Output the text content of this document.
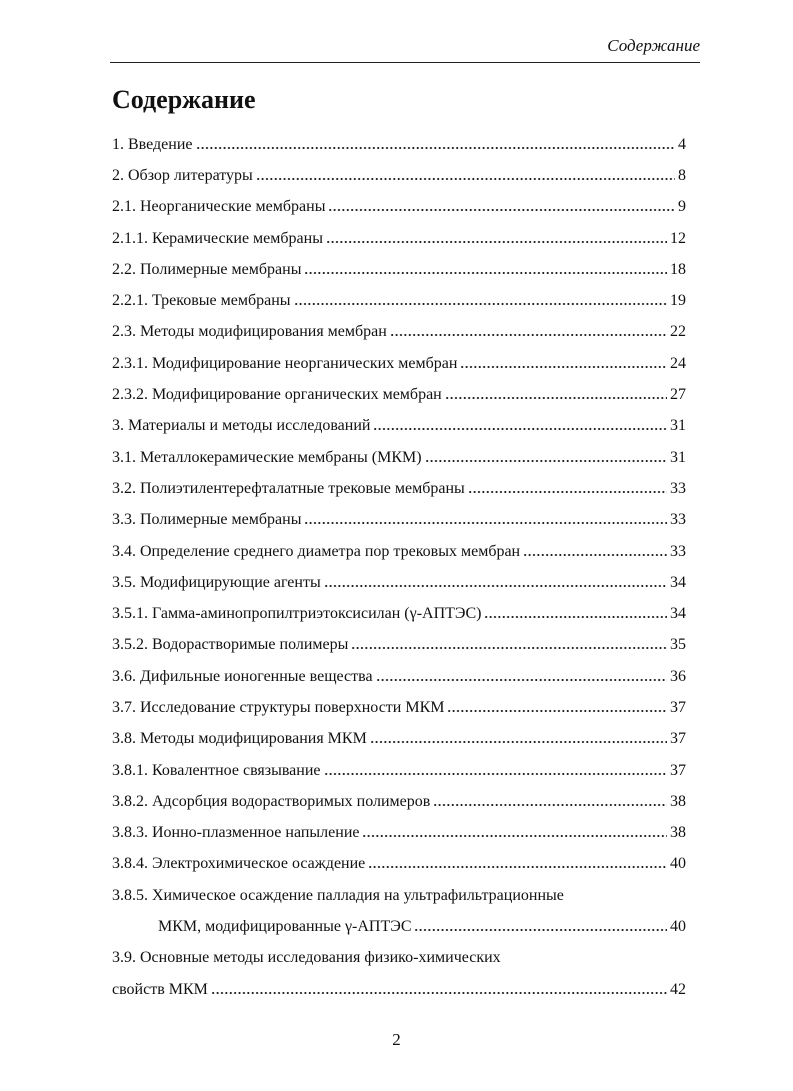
Содержание
Содержание
1. Введение	4
2. Обзор литературы	8
2.1. Неорганические мембраны	9
2.1.1. Керамические мембраны	12
2.2. Полимерные мембраны	18
2.2.1. Трековые мембраны	19
2.3. Методы модифицирования мембран	22
2.3.1. Модифицирование неорганических мембран	24
2.3.2. Модифицирование органических мембран	27
3. Материалы и методы исследований	31
3.1. Металлокерамические мембраны (МКМ)	31
3.2. Полиэтилентерефталатные трековые мембраны	33
3.3. Полимерные мембраны	33
3.4. Определение среднего диаметра пор трековых мембран	33
3.5. Модифицирующие агенты	34
3.5.1. Гамма-аминопропилтриэтоксисилан (γ-АПТЭС)	34
3.5.2. Водорастворимые полимеры	35
3.6. Дифильные ионогенные вещества	36
3.7. Исследование структуры поверхности МКМ	37
3.8. Методы модифицирования МКМ	37
3.8.1. Ковалентное связывание	37
3.8.2. Адсорбция водорастворимых полимеров	38
3.8.3. Ионно-плазменное напыление	38
3.8.4. Электрохимическое осаждение	40
3.8.5. Химическое осаждение палладия на ультрафильтрационные
МКМ, модифицированные γ-АПТЭС	40
3.9. Основные методы исследования физико-химических
свойств МКМ	42
2
